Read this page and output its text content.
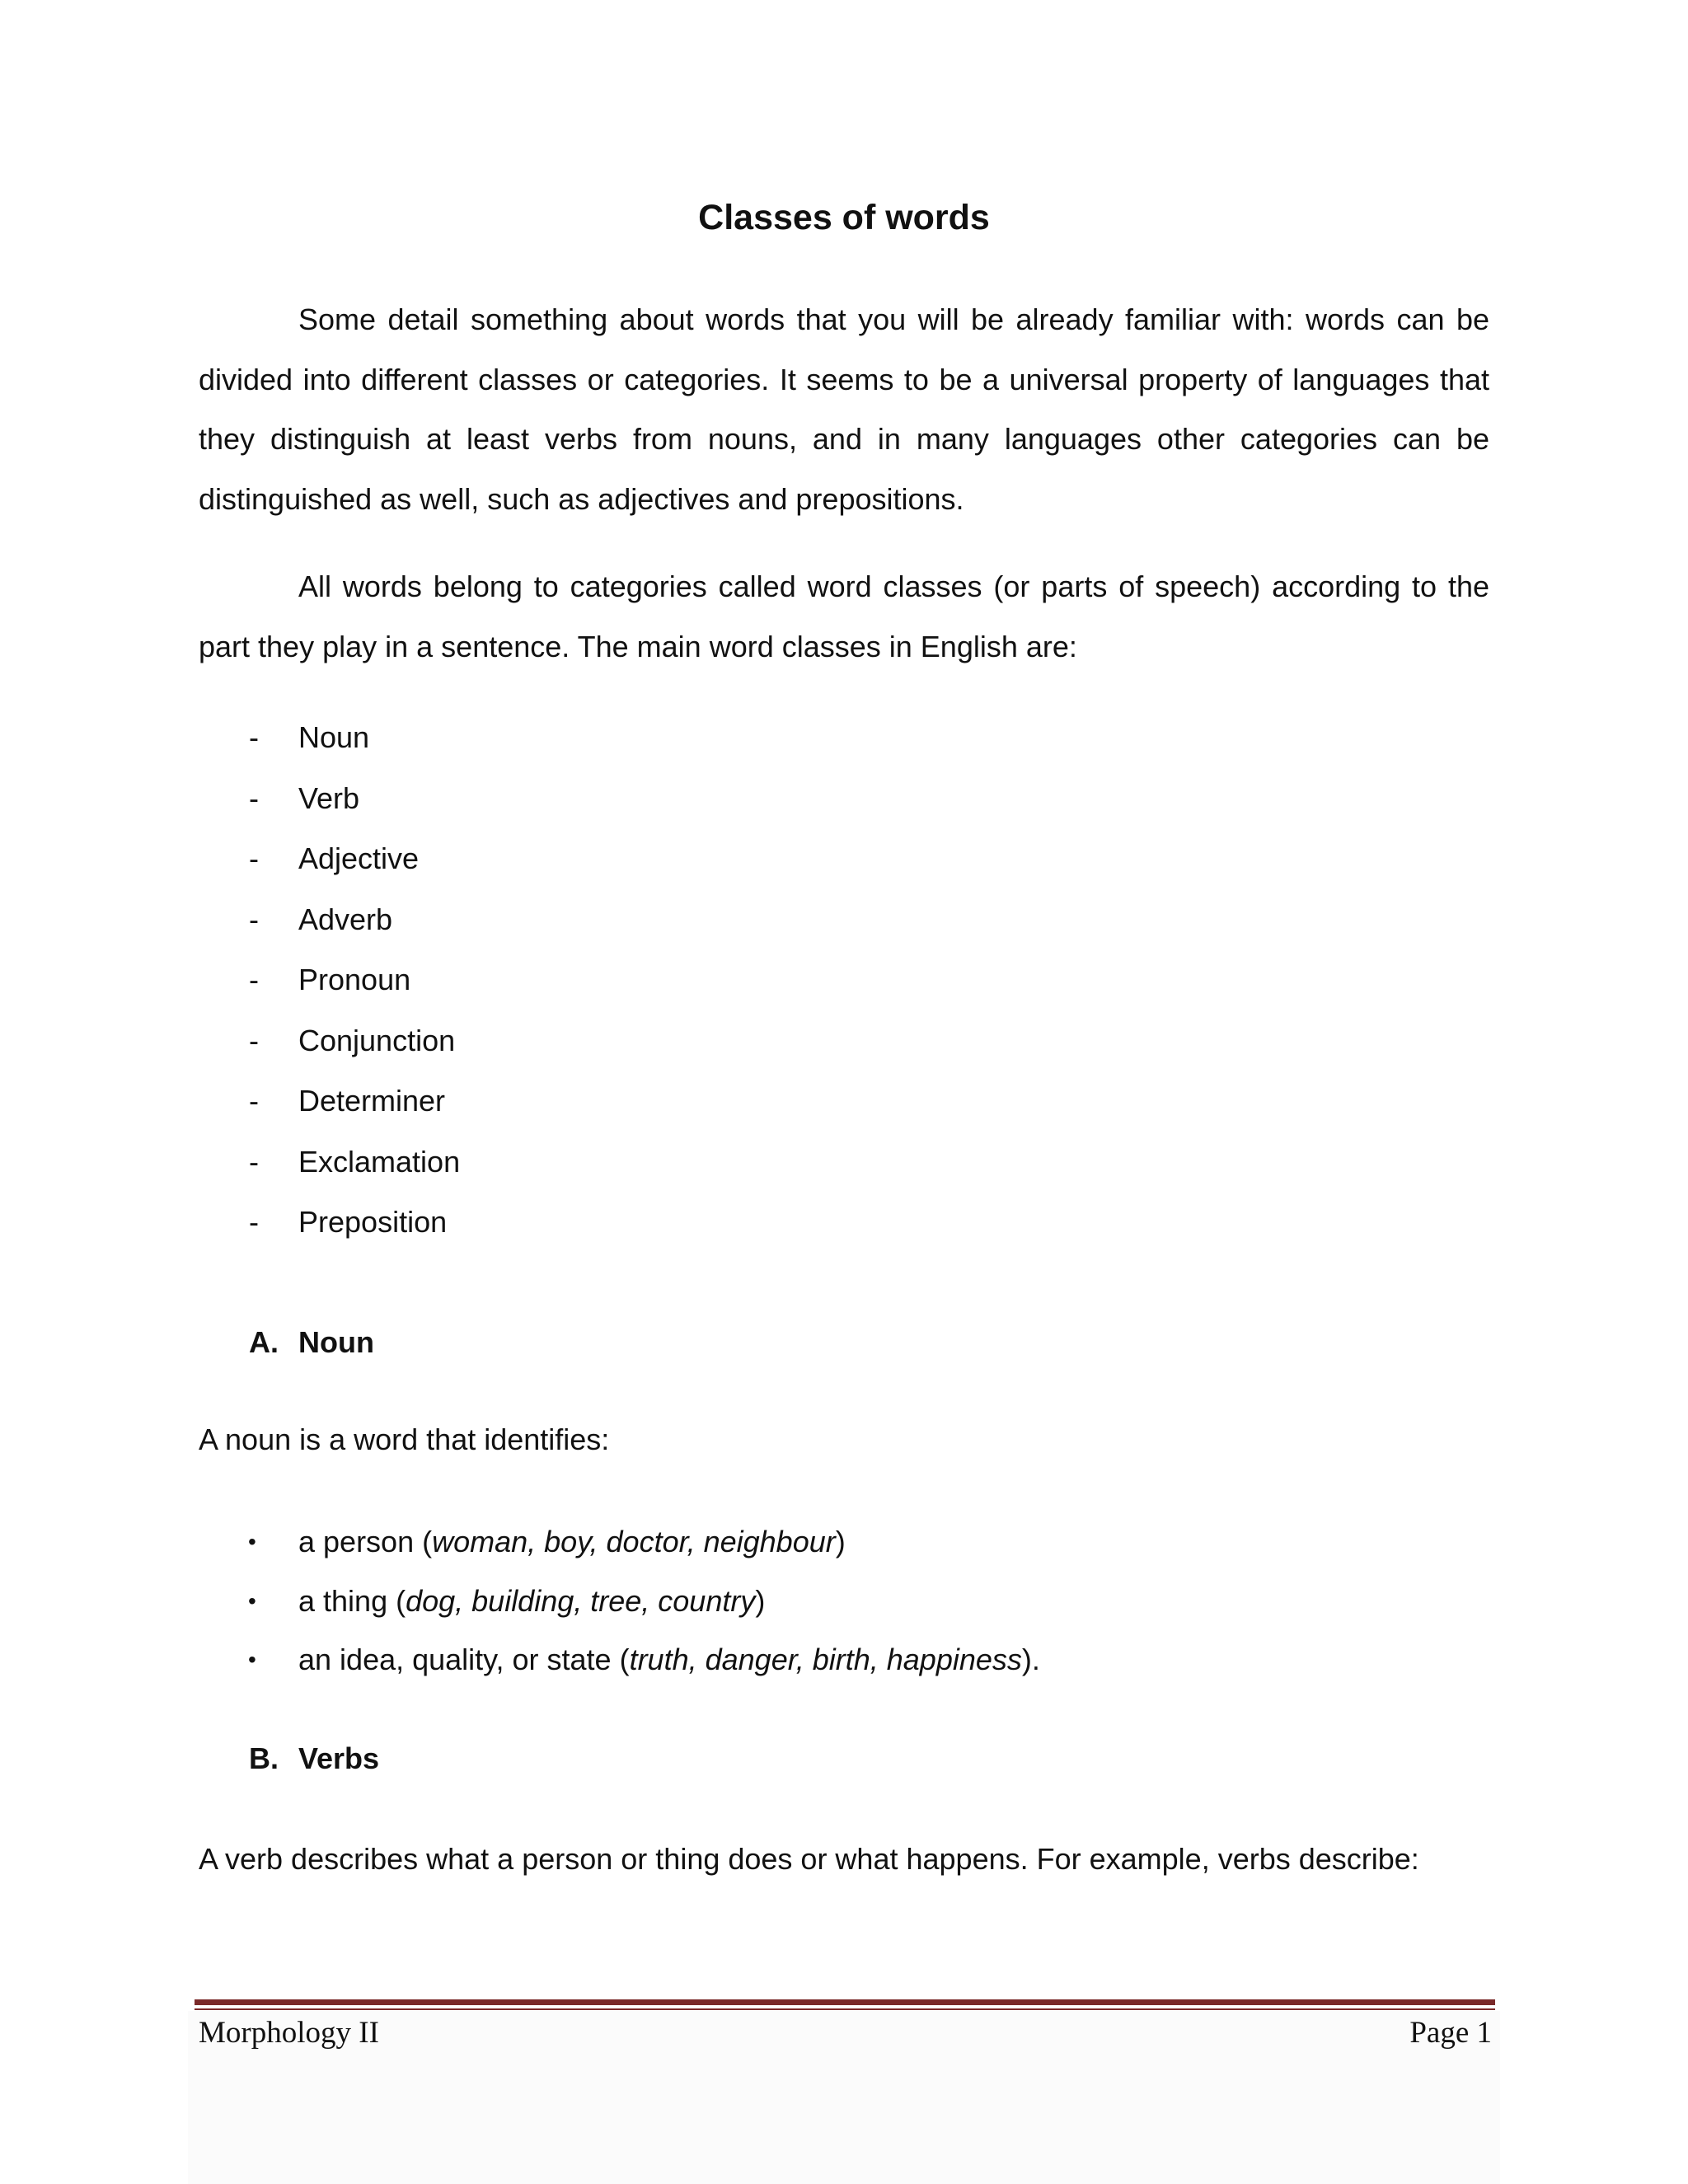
Classes of words

Some detail something about words that you will be already familiar with: words can be divided into different classes or categories. It seems to be a universal property of languages that they distinguish at least verbs from nouns, and in many languages other categories can be distinguished as well, such as adjectives and prepositions.

All words belong to categories called word classes (or parts of speech) according to the part they play in a sentence. The main word classes in English are:

- Noun
- Verb
- Adjective
- Adverb
- Pronoun
- Conjunction
- Determiner
- Exclamation
- Preposition
A. Noun

A noun is a word that identifies:

• a person (woman, boy, doctor, neighbour)
• a thing (dog, building, tree, country)
• an idea, quality, or state (truth, danger, birth, happiness).
B. Verbs

A verb describes what a person or thing does or what happens. For example, verbs describe:

Morphology II	Page 1
